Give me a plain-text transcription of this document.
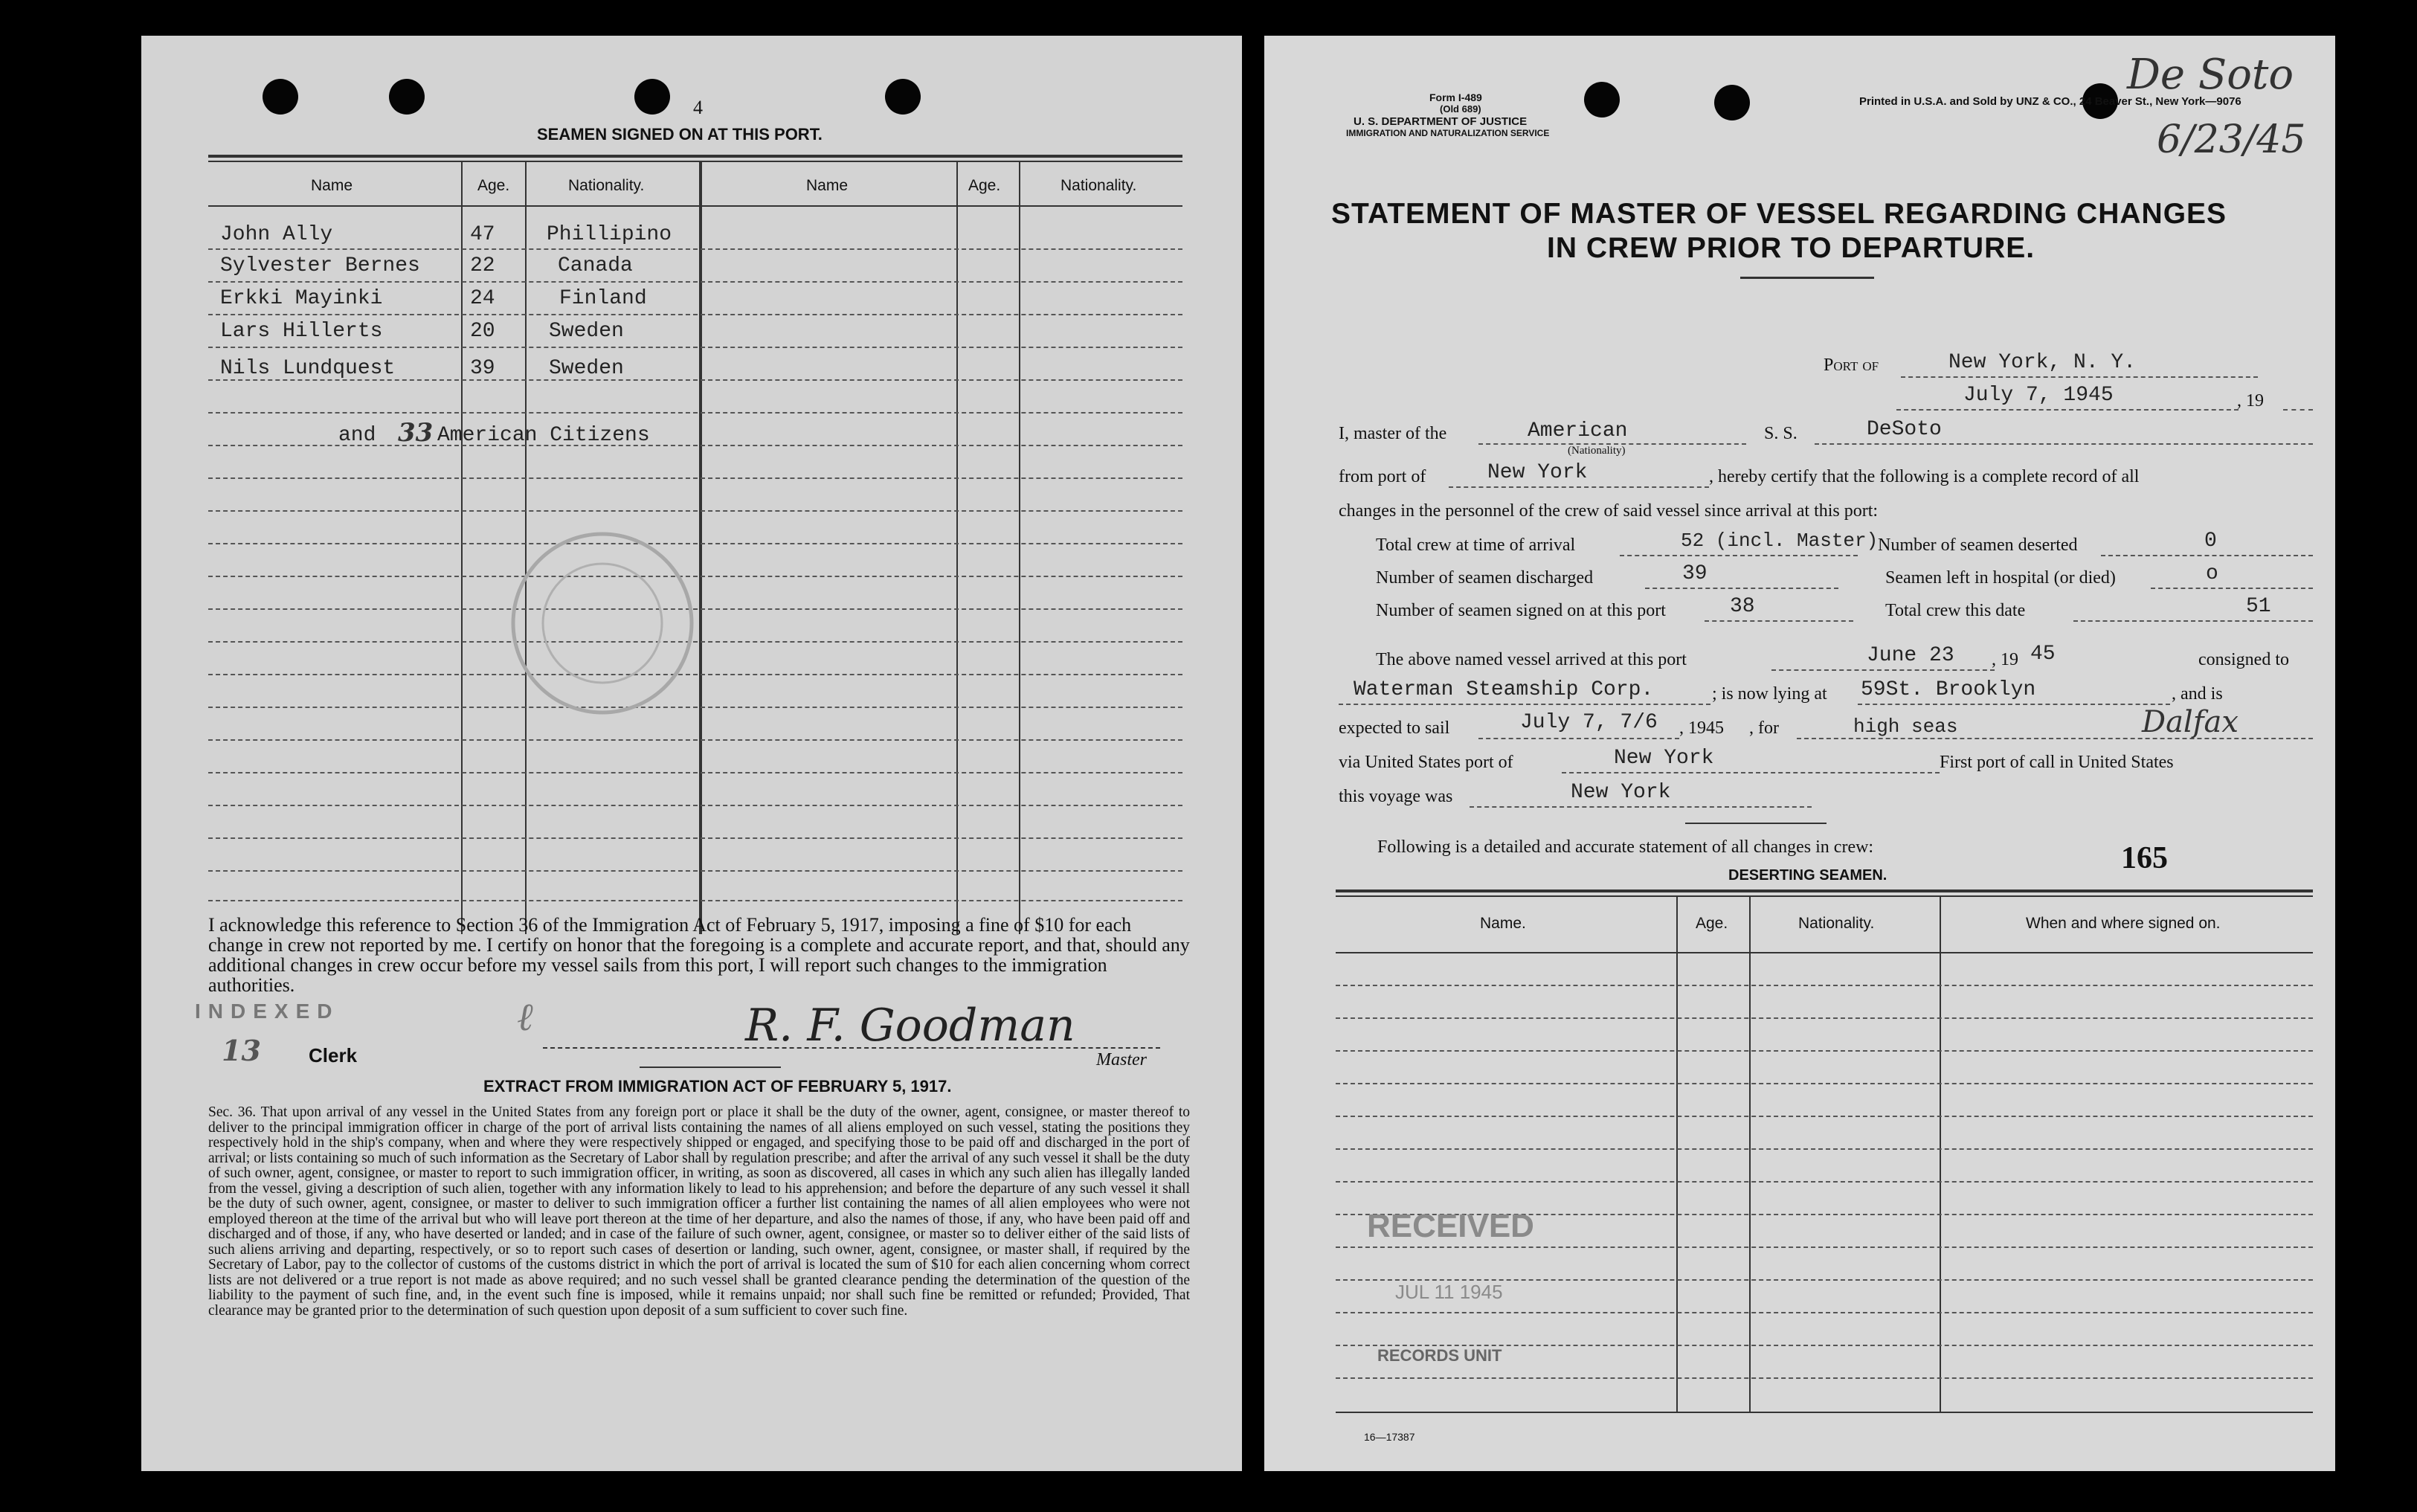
4
SEAMEN SIGNED ON AT THIS PORT.
Name	Age.	Nationality.	Name	Age.	Nationality.
John Ally	47 Phillipino
Sylvester Bernes 22	Canada
Erkki Mayinki	24	Finland
Lars Hillerts	20	Sweden
Nils Lundquest	39	Sweden
and 33 American Citizens
I acknowledge this reference to Section 36 of the Immigration Act of February 5, 1917, imposing a fine of $10 for each change in crew not reported by me. I certify on honor that the foregoing is a complete and accurate report, and that, should any additional changes in crew occur before my vessel sails from this port, I will report such changes to the immigration authorities.
INDEXED	ℓ
13 Clerk
R. F. Goodman
Master
EXTRACT FROM IMMIGRATION ACT OF FEBRUARY 5, 1917.
Sec. 36. That upon arrival of any vessel in the United States from any foreign port or place it shall be the duty of the owner, agent, consignee, or master thereof to deliver to the principal immigration officer in charge of the port of arrival lists containing the names of all aliens employed on such vessel, stating the positions they respectively hold in the ship's company, when and where they were respectively shipped or engaged, and specifying those to be paid off and discharged in the port of arrival; or lists containing so much of such information as the Secretary of Labor shall by regulation prescribe; and after the arrival of any such vessel it shall be the duty of such owner, agent, consignee, or master to report to such immigration officer, in writing, as soon as discovered, all cases in which any such alien has illegally landed from the vessel, giving a description of such alien, together with any information likely to lead to his apprehension; and before the departure of any such vessel it shall be the duty of such owner, agent, consignee, or master to deliver to such immigration officer a further list containing the names of all alien employees who were not employed thereon at the time of the arrival but who will leave port thereon at the time of her departure, and also the names of those, if any, who have been paid off and discharged and of those, if any, who have deserted or landed; and in case of the failure of such owner, agent, consignee, or master so to deliver either of the said lists of such aliens arriving and departing, respectively, or so to report such cases of desertion or landing, such owner, agent, consignee, or master shall, if required by the Secretary of Labor, pay to the collector of customs of the customs district in which the port of arrival is located the sum of $10 for each alien concerning whom correct lists are not delivered or a true report is not made as above required; and no such vessel shall be granted clearance pending the determination of the question of the liability to the payment of such fine, and, in the event such fine is imposed, while it remains unpaid; nor shall such fine be remitted or refunded; Provided, That clearance may be granted prior to the determination of such question upon deposit of a sum sufficient to cover such fine.
Form I-489
(Old 689)
U. S. DEPARTMENT OF JUSTICE
IMMIGRATION AND NATURALIZATION SERVICE
Printed in U.S.A. and Sold by UNZ & CO., 24 Beaver St., New York—9076
De Soto
6/23/45
STATEMENT OF MASTER OF VESSEL REGARDING CHANGES
IN CREW PRIOR TO DEPARTURE.
Port of	New York, N. Y.
July 7, 1945	, 19
I, master of the	American
(Nationality)
S. S.	DeSoto
from port of	New York	, hereby certify that the following is a complete record of all
changes in the personnel of the crew of said vessel since arrival at this port:
Total crew at time of arrival	52 (incl. Master) Number of seamen deserted	0
Number of seamen discharged	39	Seamen left in hospital (or died)	o
Number of seamen signed on at this port	38	Total crew this date	51
The above named vessel arrived at this port	June 23 , 19 45	consigned to
Waterman Steamship Corp.	; is now lying at 59St. Brooklyn	, and is
expected to sail	July 7, 7/6 , 1945 , for	high seas	Dalfax
via United States port of	New York	First port of call in United States
this voyage was	New York
Following is a detailed and accurate statement of all changes in crew:
DESERTING SEAMEN.	165
Name.	Age.	Nationality.	When and where signed on.
RECEIVED
JUL 11 1945
RECORDS UNIT
16—17387
